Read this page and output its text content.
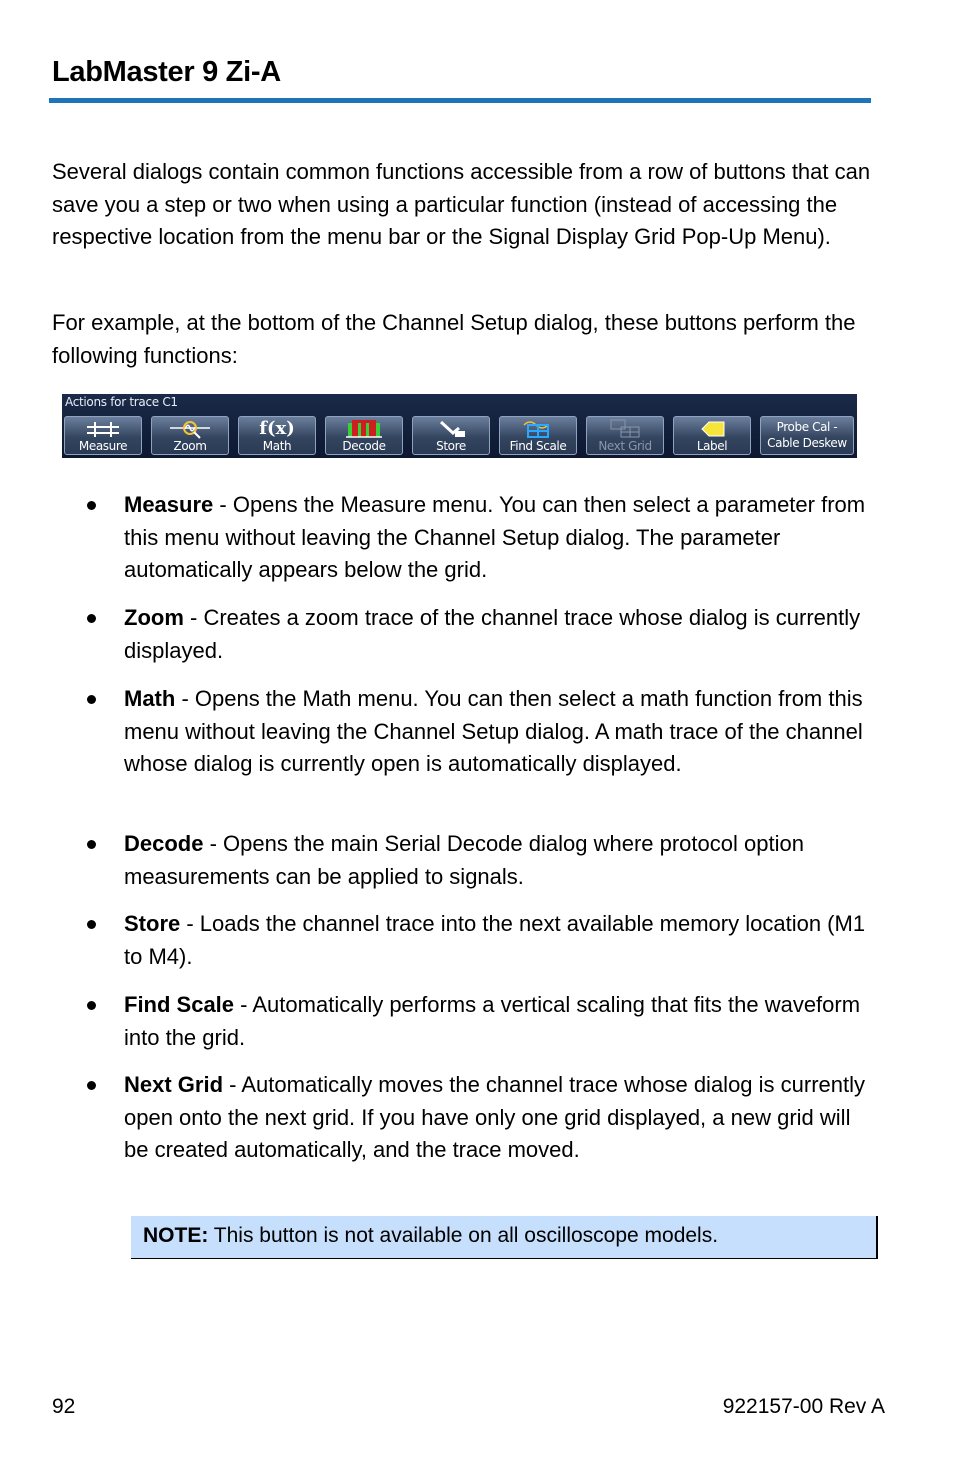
LabMaster 9 Zi-A
Several dialogs contain common functions accessible from a row of buttons that can save you a step or two when using a particular function (instead of accessing the respective location from the menu bar or the Signal Display Grid Pop-Up Menu).
For example, at the bottom of the Channel Setup dialog, these buttons perform the following functions:
Actions for trace C1
Measure	Zoom
f(x)
Math	Decode	Store	Find Scale	Next Grid	Label
Probe Cal -
Cable Deskew
Measure - Opens the Measure menu. You can then select a parameter from this menu without leaving the Channel Setup dialog. The parameter automatically appears below the grid.
Zoom - Creates a zoom trace of the channel trace whose dialog is currently displayed.
Math - Opens the Math menu. You can then select a math function from this menu without leaving the Channel Setup dialog. A math trace of the channel whose dialog is currently open is automatically displayed.
Decode - Opens the main Serial Decode dialog where protocol option measurements can be applied to signals.
Store - Loads the channel trace into the next available memory location (M1 to M4).
Find Scale - Automatically performs a vertical scaling that fits the waveform into the grid.
Next Grid - Automatically moves the channel trace whose dialog is currently open onto the next grid. If you have only one grid displayed, a new grid will be created automatically, and the trace moved.
NOTE: This button is not available on all oscilloscope models.
92	922157-00 Rev A
